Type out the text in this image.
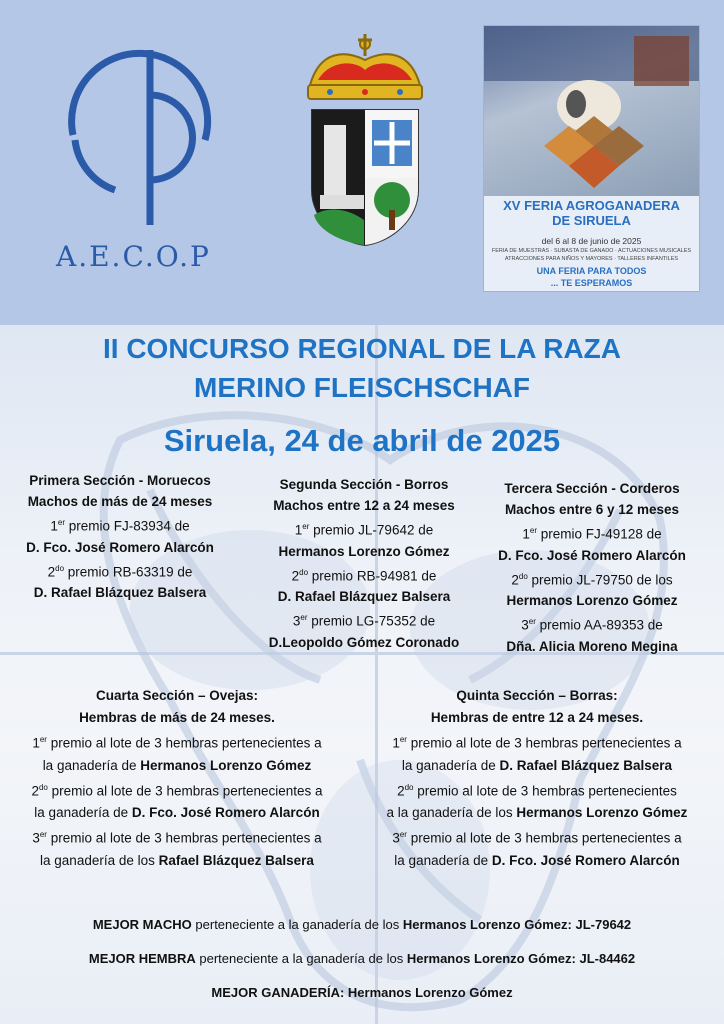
A.E.C.O.P
XV FERIA AGROGANADERA
DE SIRUELA
del 6 al 8 de junio de 2025
FERIA DE MUESTRAS · SUBASTA DE GANADO · ACTUACIONES MUSICALES
ATRACCIONES PARA NIÑOS Y MAYORES · TALLERES INFANTILES
UNA FERIA PARA TODOS
... TE ESPERAMOS
II CONCURSO REGIONAL DE LA RAZA
MERINO FLEISCHSCHAF
Siruela, 24 de abril de 2025
Primera Sección - Moruecos
Machos de más de 24 meses
1er premio FJ-83934 de
D. Fco. José Romero Alarcón
$2^{do}$ premio RB-63319 de
D. Rafael Blázquez Balsera
Segunda Sección - Borros
Machos entre 12 a 24 meses
1er premio JL-79642 de
Hermanos Lorenzo Gómez
$2^{do}$ premio RB-94981 de
D. Rafael Blázquez Balsera
3er premio LG-75352 de
D.Leopoldo Gómez Coronado
Tercera Sección - Corderos
Machos entre 6 y 12 meses
1er premio FJ-49128 de
D. Fco. José Romero Alarcón
$2^{do}$ premio JL-79750 de los
Hermanos Lorenzo Gómez
3er premio AA-89353 de
Dña. Alicia Moreno Megina
Cuarta Sección – Ovejas:
Hembras de más de 24 meses.
1er premio al lote de 3 hembras pertenecientes a
la ganadería de Hermanos Lorenzo Gómez
$2^{do}$ premio al lote de 3 hembras pertenecientes a
la ganadería de D. Fco. José Romero Alarcón
3er premio al lote de 3 hembras pertenecientes a
la ganadería de los Rafael Blázquez Balsera
Quinta Sección – Borras:
Hembras de entre 12 a 24 meses.
1er premio al lote de 3 hembras pertenecientes a
la ganadería de D. Rafael Blázquez Balsera
$2^{do}$ premio al lote de 3 hembras pertenecientes
a la ganadería de los Hermanos Lorenzo Gómez
3er premio al lote de 3 hembras pertenecientes a
la ganadería de D. Fco. José Romero Alarcón
MEJOR MACHO perteneciente a la ganadería de los Hermanos Lorenzo Gómez: JL-79642
MEJOR HEMBRA perteneciente a la ganadería de los Hermanos Lorenzo Gómez: JL-84462
MEJOR GANADERÍA: Hermanos Lorenzo Gómez
